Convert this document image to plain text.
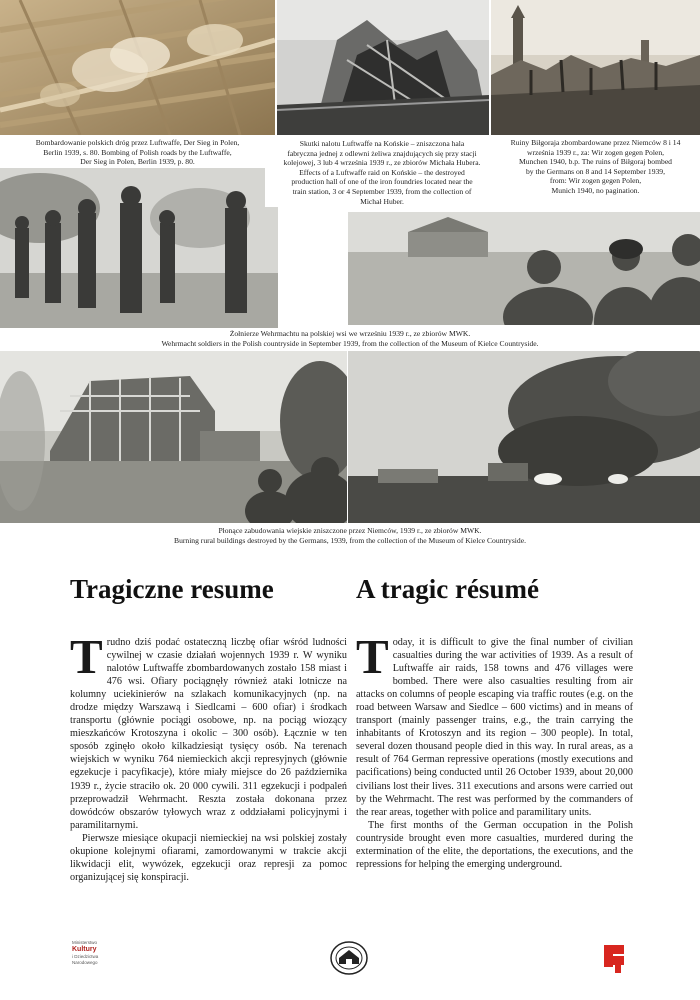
Bombardowanie polskich dróg przez Luftwaffe, Der Sieg in Polen,
Berlin 1939, s. 80. Bombing of Polish roads by the Luftwaffe,
Der Sieg in Polen, Berlin 1939, p. 80.
Skutki nalotu Luftwaffe na Końskie – zniszczona hala
fabryczna jednej z odlewni żeliwa znajdujących się przy stacji
kolejowej, 3 lub 4 września 1939 r., ze zbiorów Michała Hubera.
Effects of a Luftwaffe raid on Końskie – the destroyed
production hall of one of the iron foundries located near the
train station, 3 or 4 September 1939, from the collection of
Michał Huber.
Ruiny Biłgoraja zbombardowane przez Niemców 8 i 14
września 1939 r., za: Wir zogen gegen Polen,
Munchen 1940, b.p. The ruins of Biłgoraj bombed
by the Germans on 8 and 14 September 1939,
from: Wir zogen gegen Polen,
Munich 1940, no pagination.
Żołnierze Wehrmachtu na polskiej wsi we wrześniu 1939 r., ze zbiorów MWK.
Wehrmacht soldiers in the Polish countryside in September 1939, from the collection of the Museum of Kielce Countryside.
Płonące zabudowania wiejskie zniszczone przez Niemców, 1939 r., ze zbiorów MWK.
Burning rural buildings destroyed by the Germans, 1939, from the collection of the Museum of Kielce Countryside.
Tragiczne resume	A tragic résumé

Trudno dziś podać ostateczną liczbę ofiar wśród ludności cywilnej w czasie działań wojennych 1939 r. W wyniku nalotów Luftwaffe zbombardowanych zostało 158 miast i 476 wsi. Ofiary pociągnęły również ataki lotnicze na kolumny uciekinierów na szlakach komunikacyjnych (np. na drodze między Warszawą i Siedlcami – 600 ofiar) i środkach transportu (głównie pociągi osobowe, np. na pociąg wiozący mieszkańców Krotoszyna i okolic – 300 osób). Łącznie w ten sposób zginęło około kilkadziesiąt tysięcy osób. Na terenach wiejskich w wyniku 764 niemieckich akcji represyjnych (głównie egzekucje i pacyfikacje), które miały miejsce do 26 października 1939 r., życie straciło ok. 20 000 cywili. 311 egzekucji i podpaleń przeprowadził Wehrmacht. Reszta została dokonana przez dowódców obszarów tyłowych wraz z oddziałami policyjnymi i paramilitarnymi.

Pierwsze miesiące okupacji niemieckiej na wsi polskiej zostały okupione kolejnymi ofiarami, zamordowanymi w trakcie akcji likwidacji elit, wywózek, egzekucji oraz represji za pomoc organizującej się konspiracji.

Today, it is difficult to give the final number of civilian casualties during the war activities of 1939. As a result of Luftwaffe air raids, 158 towns and 476 villages were bombed. There were also casualties resulting from air attacks on columns of people escaping via traffic routes (e.g. on the road between Warsaw and Siedlce – 600 victims) and in means of transport (mainly passenger trains, e.g., the train carrying the inhabitants of Krotoszyn and its region – 300 people). In total, several dozen thousand people died in this way. In rural areas, as a result of 764 German repressive operations (mostly executions and pacifications) being conducted until 26 October 1939, about 20,000 civilians lost their lives. 311 executions and arsons were carried out by the Wehrmacht. The rest was performed by the commanders of the rear areas, together with police and paramilitary units.

The first months of the German occupation in the Polish countryside brought even more casualties, murdered during the extermination of the elite, the deportations, the executions, and the repressions for helping the emerging underground.

Ministerstwo
Kultury
i Dziedzictwa
Narodowego
